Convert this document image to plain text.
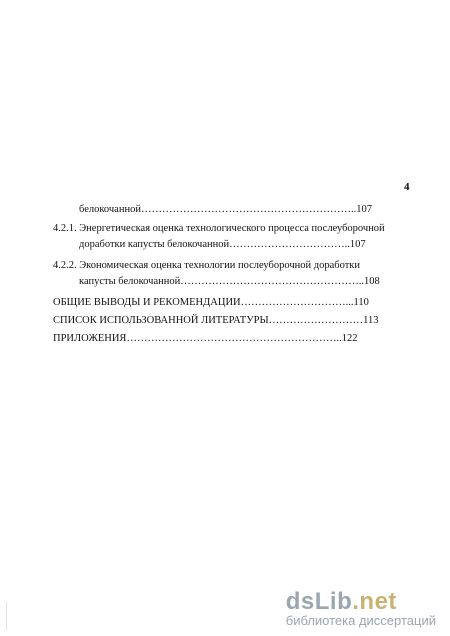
4
белокочанной……………………………………………………..107
4.2.1. Энергетическая оценка технологического процесса послеуборочной
доработки капусты белокочанной……………………………..107
4.2.2. Экономическая оценка технологии послеуборочной доработки
капусты белокочанной……………………………………………..108
ОБЩИЕ ВЫВОДЫ И РЕКОМЕНДАЦИИ…………………………...110
СПИСОК ИСПОЛЬЗОВАННОЙ ЛИТЕРАТУРЫ………………………113
ПРИЛОЖЕНИЯ……………………………………………………..122
dsLib.net
библиотека диссертаций
